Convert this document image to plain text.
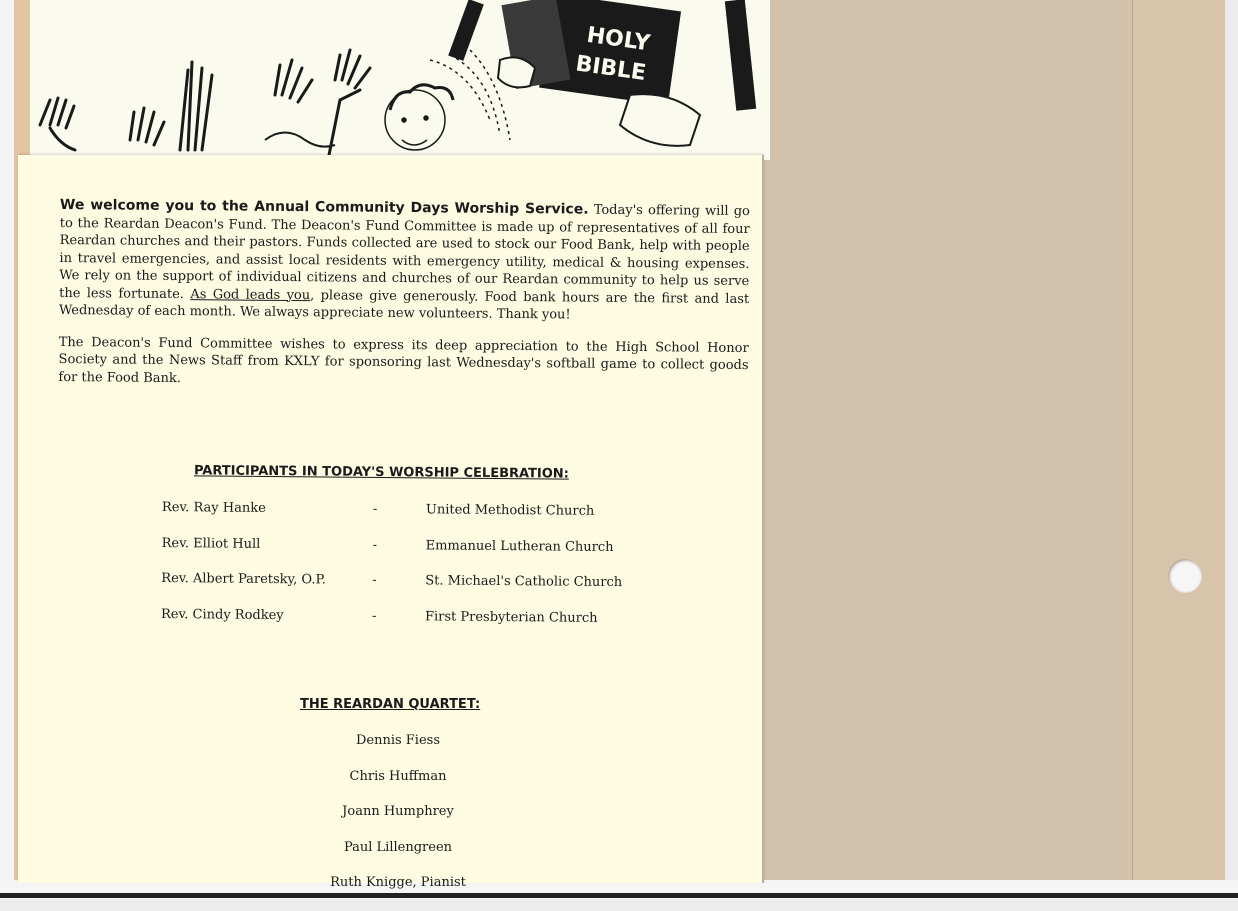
HOLY
BIBLE

We welcome you to the Annual Community Days Worship Service. Today's offering will go to the Reardan Deacon's Fund. The Deacon's Fund Committee is made up of representatives of all four Reardan churches and their pastors. Funds collected are used to stock our Food Bank, help with people in travel emergencies, and assist local residents with emergency utility, medical & housing expenses. We rely on the support of individual citizens and churches of our Reardan community to help us serve the less fortunate. As God leads you, please give generously. Food bank hours are the first and last Wednesday of each month. We always appreciate new volunteers. Thank you!

The Deacon's Fund Committee wishes to express its deep appreciation to the High School Honor Society and the News Staff from KXLY for sponsoring last Wednesday's softball game to collect goods for the Food Bank.

PARTICIPANTS IN TODAY'S WORSHIP CELEBRATION:
Rev. Ray Hanke	-	United Methodist Church
Rev. Elliot Hull	-	Emmanuel Lutheran Church
Rev. Albert Paretsky, O.P.	-	St. Michael's Catholic Church
Rev. Cindy Rodkey	-	First Presbyterian Church
THE REARDAN QUARTET:
Dennis Fiess
Chris Huffman
Joann Humphrey
Paul Lillengreen
Ruth Knigge, Pianist
